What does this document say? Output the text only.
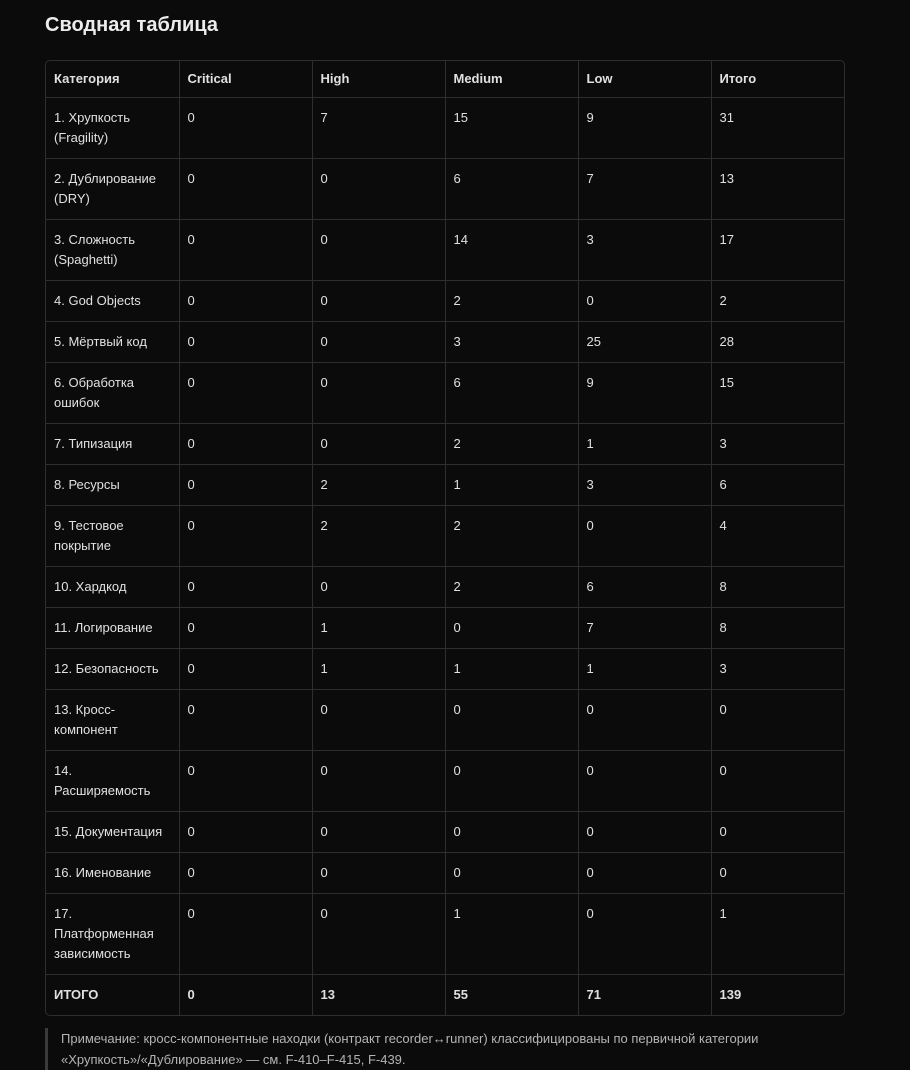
Сводная таблица
Категория	Critical	High	Medium	Low	Итого
1. Хрупкость (Fragility)	0	7	15	9	31
2. Дублирование (DRY)	0	0	6	7	13
3. Сложность (Spaghetti)	0	0	14	3	17
4. God Objects	0	0	2	0	2
5. Мёртвый код	0	0	3	25	28
6. Обработка ошибок	0	0	6	9	15
7. Типизация	0	0	2	1	3
8. Ресурсы	0	2	1	3	6
9. Тестовое покрытие	0	2	2	0	4
10. Хардкод	0	0	2	6	8
11. Логирование	0	1	0	7	8
12. Безопасность	0	1	1	1	3
13. Кросс-компонент	0	0	0	0	0
14. Расширяемость	0	0	0	0	0
15. Документация	0	0	0	0	0
16. Именование	0	0	0	0	0
17. Платформенная зависимость	0	0	1	0	1
ИТОГО	0	13	55	71	139
Примечание: кросс-компонентные находки (контракт recorder↔runner) классифицированы по первичной категории «Хрупкость»/«Дублирование» — см. F-410–F-415, F-439.
